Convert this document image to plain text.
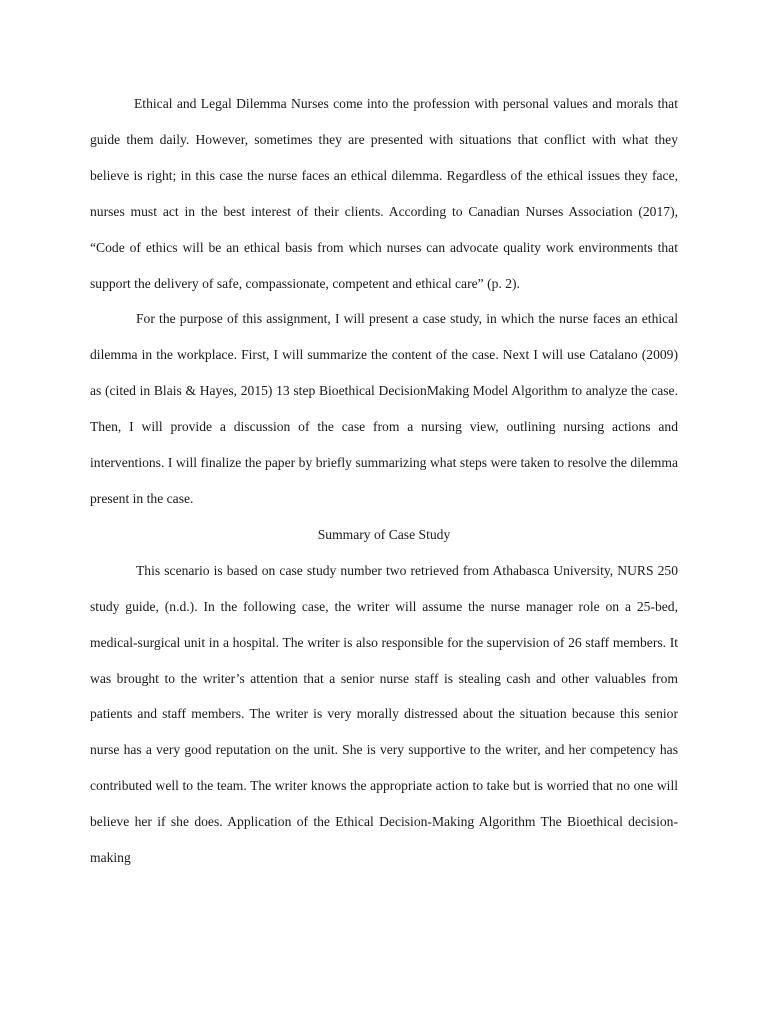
Ethical and Legal Dilemma Nurses come into the profession with personal values and morals that guide them daily. However, sometimes they are presented with situations that conflict with what they believe is right; in this case the nurse faces an ethical dilemma. Regardless of the ethical issues they face, nurses must act in the best interest of their clients. According to Canadian Nurses Association (2017), “Code of ethics will be an ethical basis from which nurses can advocate quality work environments that support the delivery of safe, compassionate, competent and ethical care” (p. 2).

For the purpose of this assignment, I will present a case study, in which the nurse faces an ethical dilemma in the workplace. First, I will summarize the content of the case. Next I will use Catalano (2009) as (cited in Blais & Hayes, 2015) 13 step Bioethical DecisionMaking Model Algorithm to analyze the case. Then, I will provide a discussion of the case from a nursing view, outlining nursing actions and interventions. I will finalize the paper by briefly summarizing what steps were taken to resolve the dilemma present in the case.

Summary of Case Study

This scenario is based on case study number two retrieved from Athabasca University, NURS 250 study guide, (n.d.). In the following case, the writer will assume the nurse manager role on a 25-bed, medical-surgical unit in a hospital. The writer is also responsible for the supervision of 26 staff members. It was brought to the writer’s attention that a senior nurse staff is stealing cash and other valuables from patients and staff members. The writer is very morally distressed about the situation because this senior nurse has a very good reputation on the unit. She is very supportive to the writer, and her competency has contributed well to the team. The writer knows the appropriate action to take but is worried that no one will believe her if she does. Application of the Ethical Decision-Making Algorithm The Bioethical decision-making
